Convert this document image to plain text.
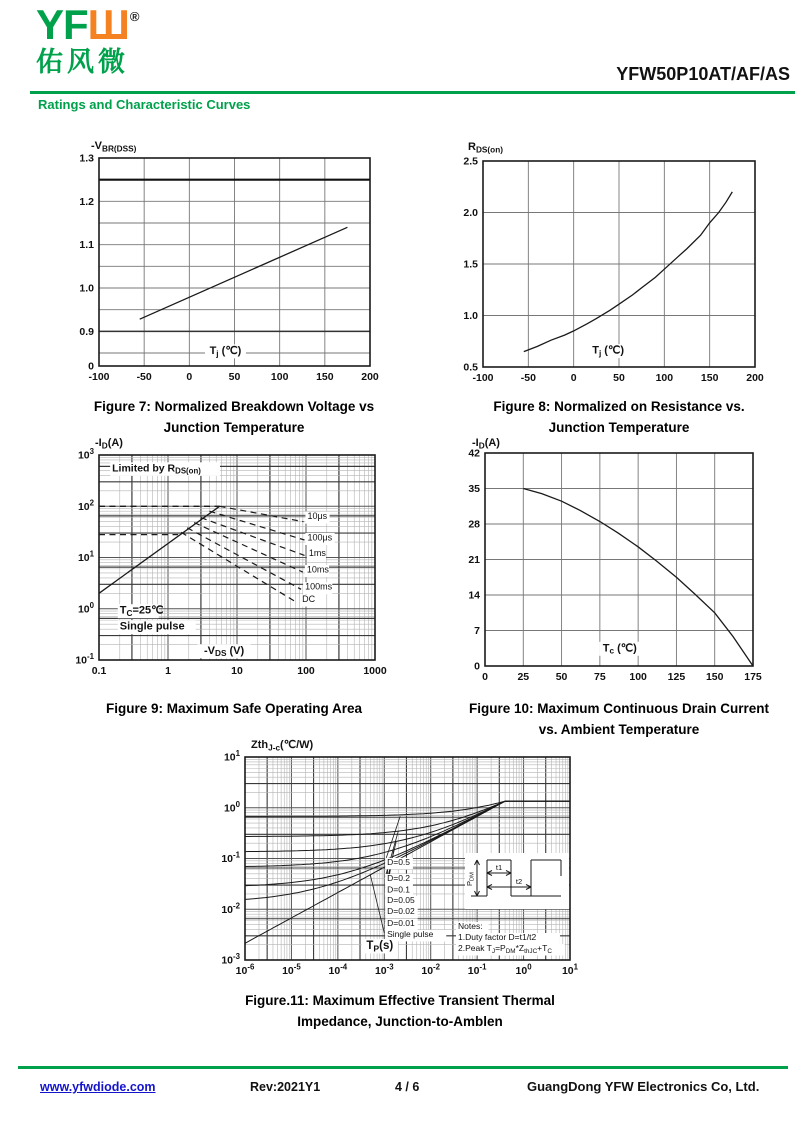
YFШ®
佑风微	YFW50P10AT/AF/AS
Ratings and Characteristic Curves
$T_j$ (℃)
-100	-50	0	50	100	150	200
1.3
1.2
1.1
1.0
0.9
0
$-V_{BR(DSS)}$
$T_j$ (℃)
-100	-50	0	50	100	150	200
2.5
2.0
1.5
1.0
0.5
$R_{DS(on)}$
Limited by $R_{DS(on)}$
10μs
100μs
1ms
10ms
100ms
DC
$T_C=25℃$
Single pulse
$-V_{DS}$ (V)
0.1	1	10	100	1000
$10^3$
$10^2$
$10^1$
$10^0$
$10^{-1}$
$-I_D(A)$
$T_c$ (℃)
0	25	50	75 100 125 150 175
42
35
28
21
14
7
0
$-I_D(A)$
t1
t2
$P_{DM}$
D=0.5
D=0.2
D=0.1
D=0.05
D=0.02
D=0.01
Single pulse
$T_P(s)$
Notes:
1.Duty factor D=t1/t2
2.Peak $T_J=P_{DM}*Z_{thJC}+T_C$
$10^{-6}$	$10^{-5}$	$10^{-4}$	$10^{-3}$	$10^{-2}$	$10^{-1}$	$10^0$	$10^1$
$10^1$
$10^0$
$10^{-1}$
$10^{-2}$
$10^{-3}$
Zth$_{J-c}$(℃/W)
Figure 7: Normalized Breakdown Voltage vs
Junction Temperature
Figure 8: Normalized on Resistance vs.
Junction Temperature
Figure 9: Maximum Safe Operating Area	Figure 10: Maximum Continuous Drain Current
vs. Ambient Temperature
Figure.11: Maximum Effective Transient Thermal
Impedance, Junction-to-Amblen
www.yfwdiode.com	Rev:2021Y1	4 / 6	GuangDong YFW Electronics Co, Ltd.
